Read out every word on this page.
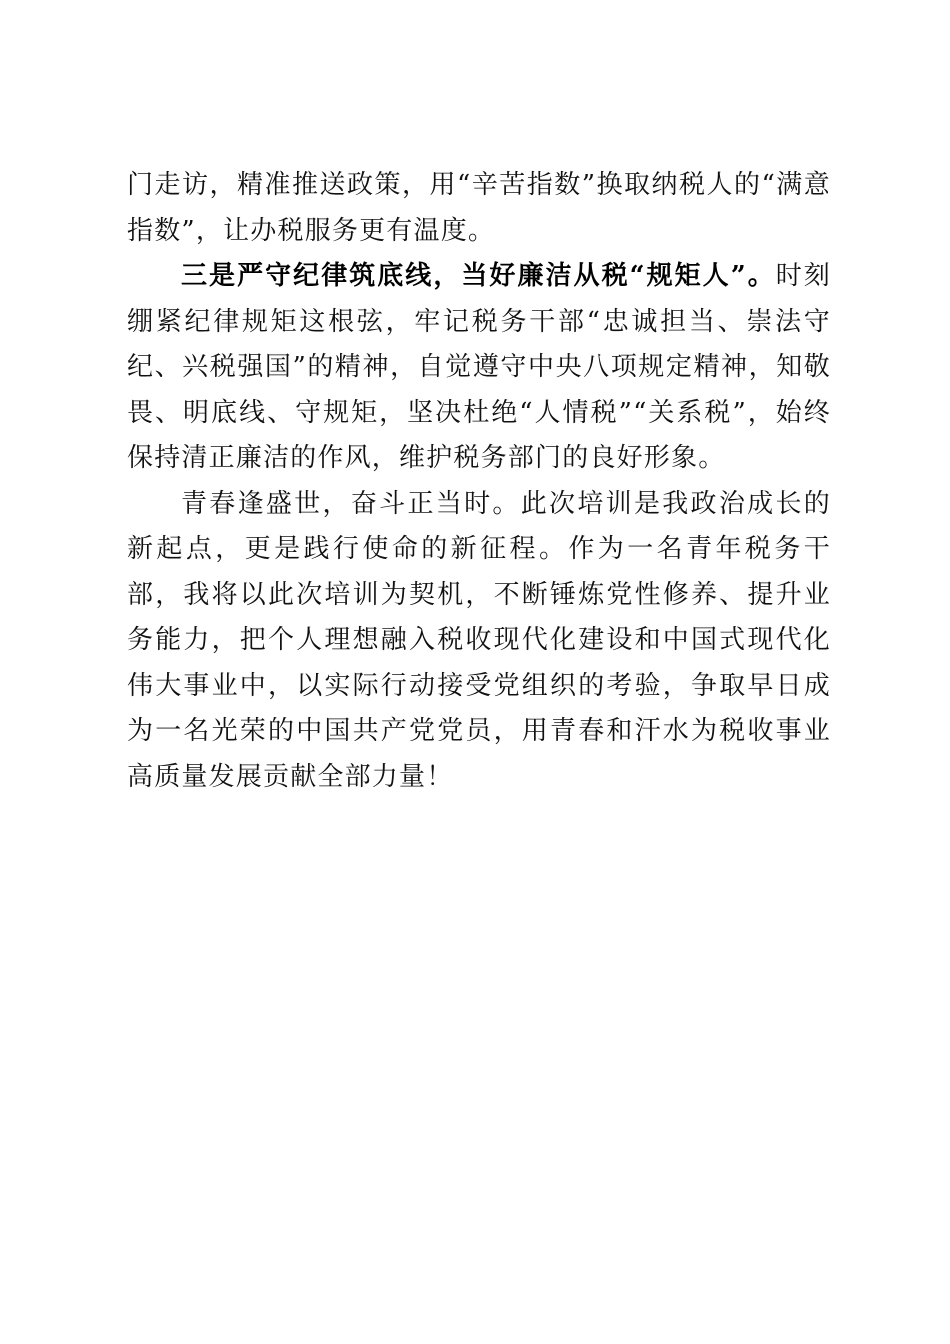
门走访，精准推送政策，用“辛苦指数”换取纳税人的“满意指数”，让办税服务更有温度。

三是严守纪律筑底线，当好廉洁从税“规矩人”。时刻绷紧纪律规矩这根弦，牢记税务干部“忠诚担当、崇法守纪、兴税强国”的精神，自觉遵守中央八项规定精神，知敬畏、明底线、守规矩，坚决杜绝“人情税”“关系税”，始终保持清正廉洁的作风，维护税务部门的良好形象。

青春逢盛世，奋斗正当时。此次培训是我政治成长的新起点，更是践行使命的新征程。作为一名青年税务干部，我将以此次培训为契机，不断锤炼党性修养、提升业务能力，把个人理想融入税收现代化建设和中国式现代化伟大事业中，以实际行动接受党组织的考验，争取早日成为一名光荣的中国共产党党员，用青春和汗水为税收事业高质量发展贡献全部力量！
